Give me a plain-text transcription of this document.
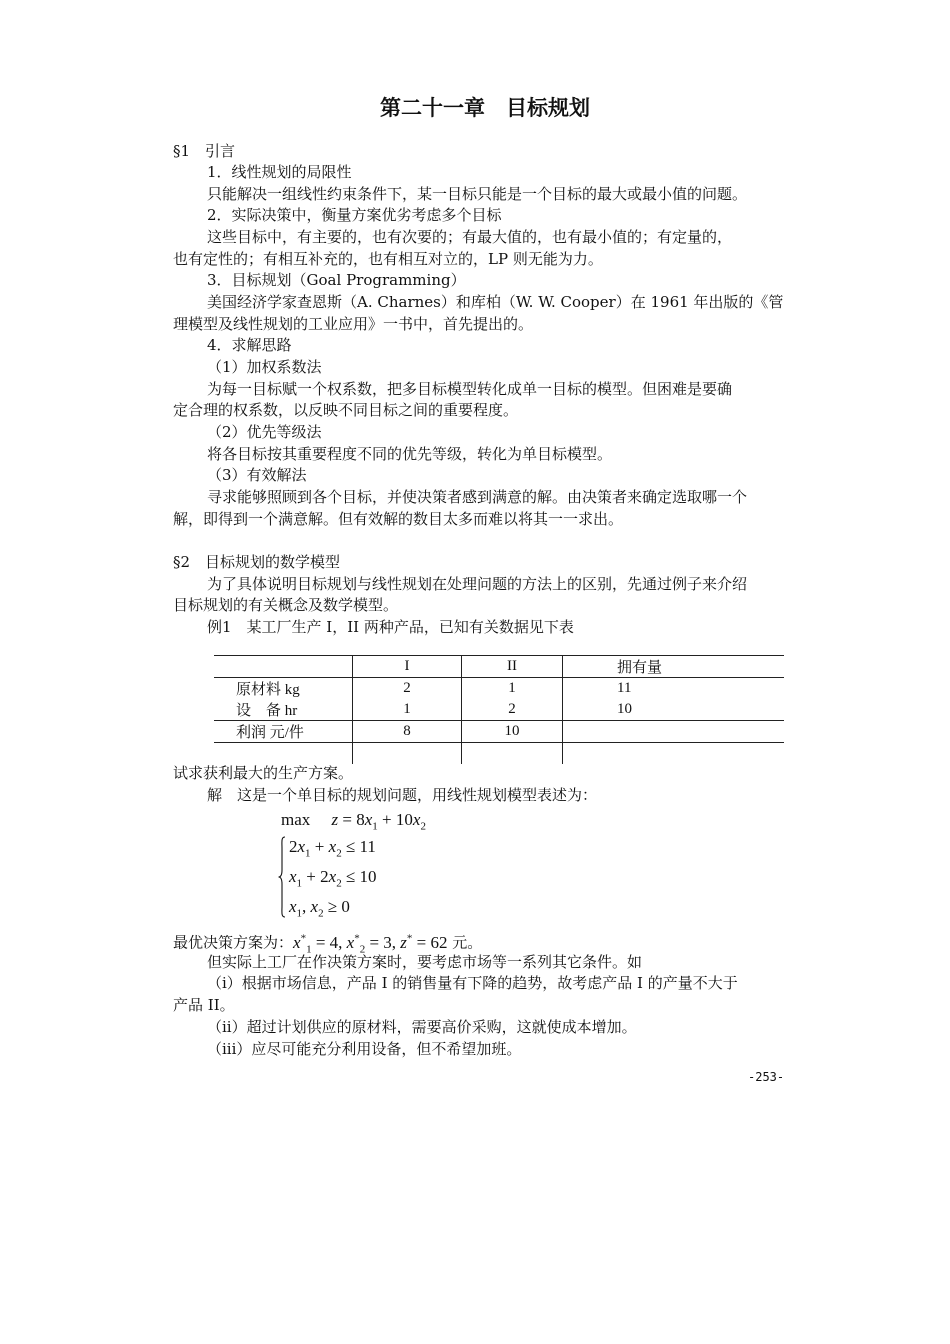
第二十一章　目标规划
§1　引言
1．线性规划的局限性
只能解决一组线性约束条件下，某一目标只能是一个目标的最大或最小值的问题。
2．实际决策中，衡量方案优劣考虑多个目标
这些目标中，有主要的，也有次要的；有最大值的，也有最小值的；有定量的，
也有定性的；有相互补充的，也有相互对立的，LP 则无能为力。
3．目标规划（Goal Programming）
美国经济学家查恩斯（A. Charnes）和库柏（W. W. Cooper）在 1961 年出版的《管
理模型及线性规划的工业应用》一书中，首先提出的。
4．求解思路
（1）加权系数法
为每一目标赋一个权系数，把多目标模型转化成单一目标的模型。但困难是要确
定合理的权系数，以反映不同目标之间的重要程度。
（2）优先等级法
将各目标按其重要程度不同的优先等级，转化为单目标模型。
（3）有效解法
寻求能够照顾到各个目标，并使决策者感到满意的解。由决策者来确定选取哪一个
解，即得到一个满意解。但有效解的数目太多而难以将其一一求出。
§2　目标规划的数学模型
为了具体说明目标规划与线性规划在处理问题的方法上的区别，先通过例子来介绍
目标规划的有关概念及数学模型。
例1　某工厂生产 I，II 两种产品，已知有关数据见下表
	I	II	拥有量
原材料 kg	2	1	11
设　备 hr	1	2	10
利润 元/件	8	10	

试求获利最大的生产方案。
解　这是一个单目标的规划问题，用线性规划模型表述为：
$\max z = 8x_1 + 10x_2$
$2x_1 + x_2 \le 11$
$x_1 + 2x_2 \le 10$
$x_1$, $x_2 \ge 0$
最优决策方案为：$x^*_1 = 4$, $x^*_2 = 3$, z* = 62 元。
但实际上工厂在作决策方案时，要考虑市场等一系列其它条件。如
（i）根据市场信息，产品 I 的销售量有下降的趋势，故考虑产品 I 的产量不大于
产品 II。
（ii）超过计划供应的原材料，需要高价采购，这就使成本增加。
（iii）应尽可能充分利用设备，但不希望加班。
-253-
